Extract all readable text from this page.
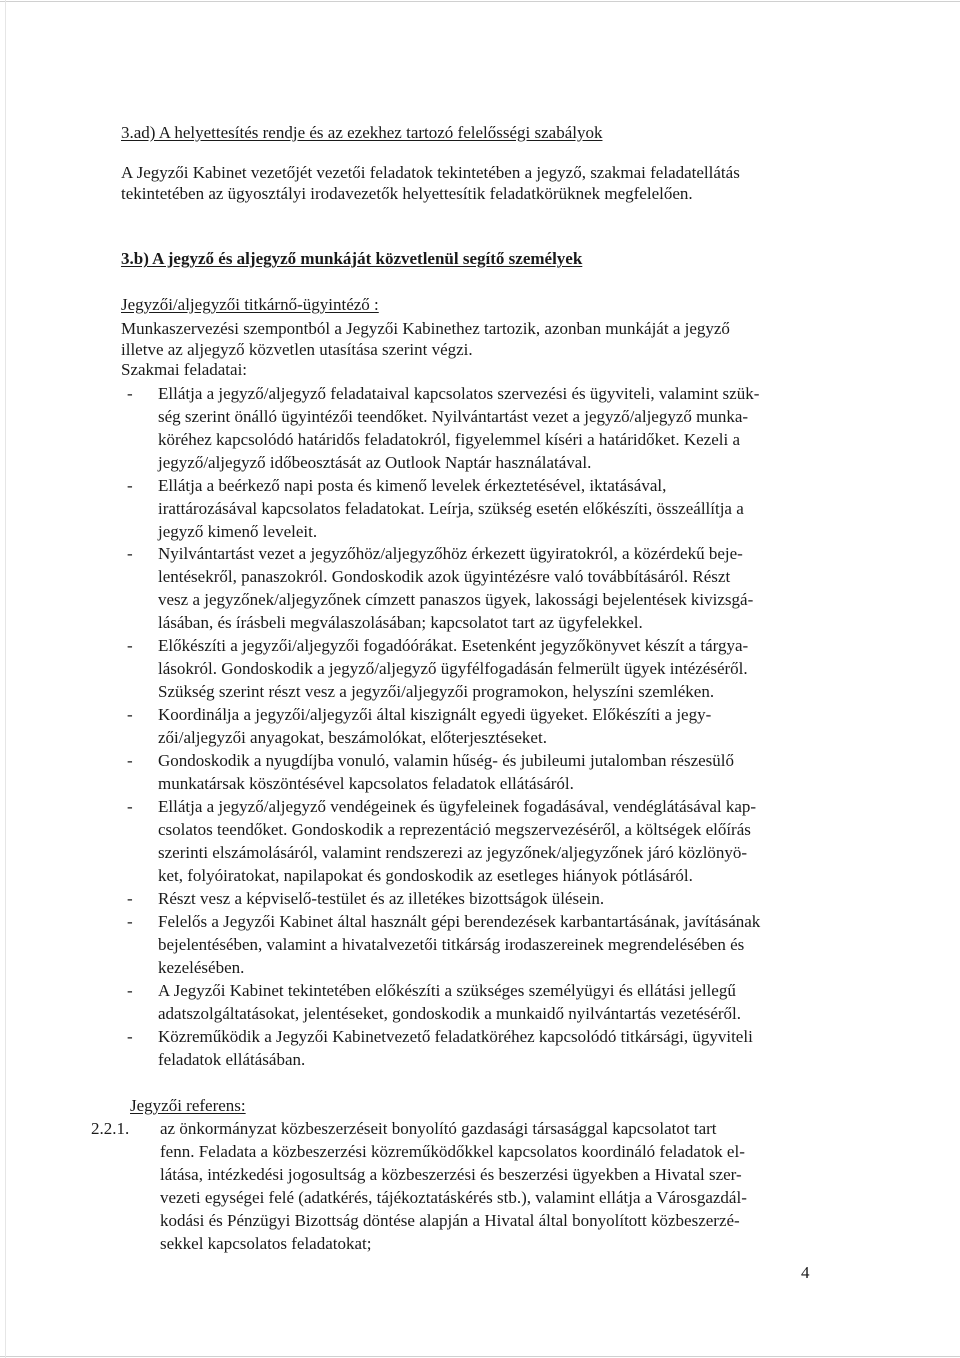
3.ad) A helyettesítés rendje és az ezekhez tartozó felelősségi szabályok

A Jegyzői Kabinet vezetőjét vezetői feladatok tekintetében a jegyző, szakmai feladatellátás

tekintetében az ügyosztályi irodavezetők helyettesítik feladatkörüknek megfelelően.

3.b) A jegyző és aljegyző munkáját közvetlenül segítő személyek

Jegyzői/aljegyzői titkárnő-ügyintéző :

Munkaszervezési szempontból a Jegyzői Kabinethez tartozik, azonban munkáját a jegyző

illetve az aljegyző közvetlen utasítása szerint végzi.

Szakmai feladatai:

- Ellátja a jegyző/aljegyző feladataival kapcsolatos szervezési és ügyviteli, valamint szük-

ség szerint önálló ügyintézői teendőket. Nyilvántartást vezet a jegyző/aljegyző munka-

köréhez kapcsolódó határidős feladatokról, figyelemmel kíséri a határidőket. Kezeli a

jegyző/aljegyző időbeosztását az Outlook Naptár használatával.

- Ellátja a beérkező napi posta és kimenő levelek érkeztetésével, iktatásával,

irattározásával kapcsolatos feladatokat. Leírja, szükség esetén előkészíti, összeállítja a

jegyző kimenő leveleit.

- Nyilvántartást vezet a jegyzőhöz/aljegyzőhöz érkezett ügyiratokról, a közérdekű beje-

lentésekről, panaszokról. Gondoskodik azok ügyintézésre való továbbításáról. Részt

vesz a jegyzőnek/aljegyzőnek címzett panaszos ügyek, lakossági bejelentések kivizsgá-

lásában, és írásbeli megválaszolásában; kapcsolatot tart az ügyfelekkel.

- Előkészíti a jegyzői/aljegyzői fogadóórákat. Esetenként jegyzőkönyvet készít a tárgya-

lásokról. Gondoskodik a jegyző/aljegyző ügyfélfogadásán felmerült ügyek intézéséről.

Szükség szerint részt vesz a jegyzői/aljegyzői programokon, helyszíni szemléken.

- Koordinálja a jegyzői/aljegyzői által kiszignált egyedi ügyeket. Előkészíti a jegy-

zői/aljegyzői anyagokat, beszámolókat, előterjesztéseket.

- Gondoskodik a nyugdíjba vonuló, valamin hűség- és jubileumi jutalomban részesülő

munkatársak köszöntésével kapcsolatos feladatok ellátásáról.

- Ellátja a jegyző/aljegyző vendégeinek és ügyfeleinek fogadásával, vendéglátásával kap-

csolatos teendőket. Gondoskodik a reprezentáció megszervezéséről, a költségek előírás

szerinti elszámolásáról, valamint rendszerezi az jegyzőnek/aljegyzőnek járó közlönyö-

ket, folyóiratokat, napilapokat és gondoskodik az esetleges hiányok pótlásáról.

- Részt vesz a képviselő-testület és az illetékes bizottságok ülésein.

- Felelős a Jegyzői Kabinet által használt gépi berendezések karbantartásának, javításának

bejelentésében, valamint a hivatalvezetői titkárság irodaszereinek megrendelésében és

kezelésében.

- A Jegyzői Kabinet tekintetében előkészíti a szükséges személyügyi és ellátási jellegű

adatszolgáltatásokat, jelentéseket, gondoskodik a munkaidő nyilvántartás vezetéséről.

- Közreműködik a Jegyzői Kabinetvezető feladatköréhez kapcsolódó titkársági, ügyviteli

feladatok ellátásában.

Jegyzői referens:

2.2.1. az önkormányzat közbeszerzéseit bonyolító gazdasági társasággal kapcsolatot tart

fenn. Feladata a közbeszerzési közreműködőkkel kapcsolatos koordináló feladatok el-

látása, intézkedési jogosultság a közbeszerzési és beszerzési ügyekben a Hivatal szer-

vezeti egységei felé (adatkérés, tájékoztatáskérés stb.), valamint ellátja a Városgazdál-

kodási és Pénzügyi Bizottság döntése alapján a Hivatal által bonyolított közbeszerzé-

sekkel kapcsolatos feladatokat;

4
